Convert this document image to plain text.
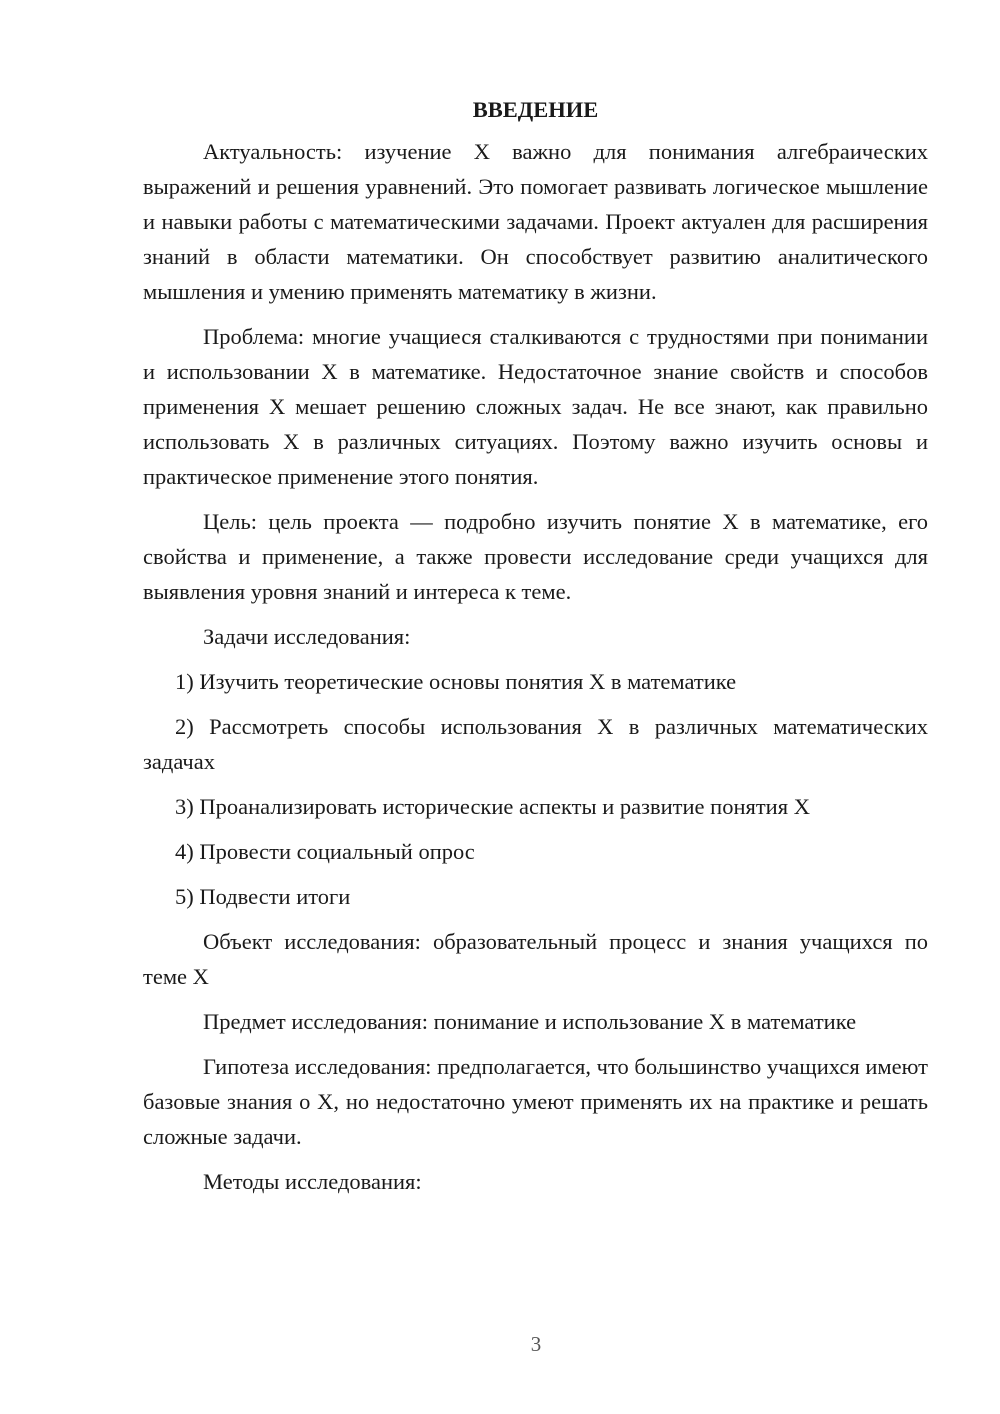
ВВЕДЕНИЕ

Актуальность: изучение X важно для понимания алгебраических выражений и решения уравнений. Это помогает развивать логическое мышление и навыки работы с математическими задачами. Проект актуален для расширения знаний в области математики. Он способствует развитию аналитического мышления и умению применять математику в жизни.

Проблема: многие учащиеся сталкиваются с трудностями при понимании и использовании X в математике. Недостаточное знание свойств и способов применения X мешает решению сложных задач. Не все знают, как правильно использовать X в различных ситуациях. Поэтому важно изучить основы и практическое применение этого понятия.

Цель: цель проекта — подробно изучить понятие X в математике, его свойства и применение, а также провести исследование среди учащихся для выявления уровня знаний и интереса к теме.

Задачи исследования:

1) Изучить теоретические основы понятия X в математике

2) Рассмотреть способы использования X в различных математических задачах

3) Проанализировать исторические аспекты и развитие понятия X

4) Провести социальный опрос

5) Подвести итоги

Объект исследования: образовательный процесс и знания учащихся по теме X

Предмет исследования: понимание и использование X в математике

Гипотеза исследования: предполагается, что большинство учащихся имеют базовые знания о X, но недостаточно умеют применять их на практике и решать сложные задачи.

Методы исследования:

3
